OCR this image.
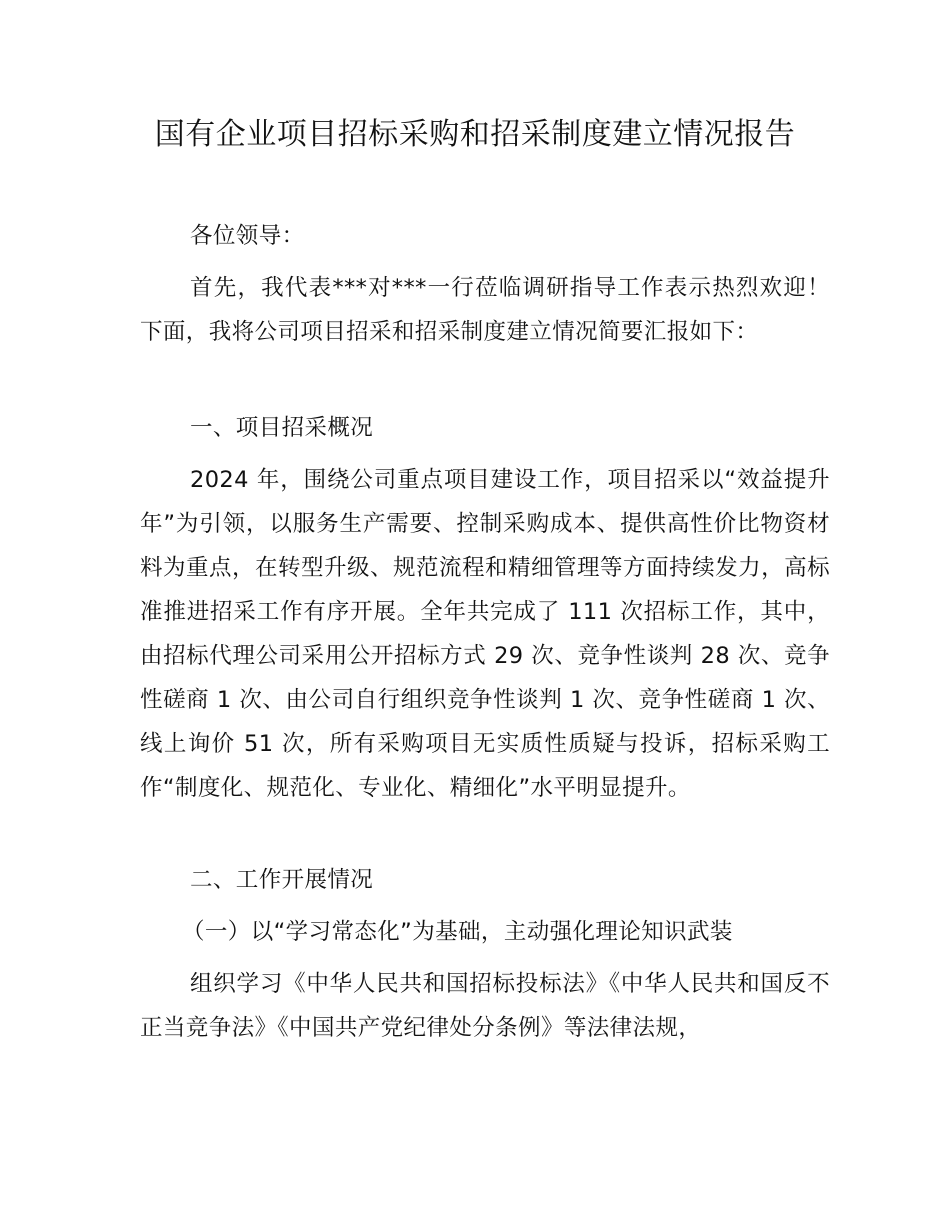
国有企业项目招标采购和招采制度建立情况报告
各位领导：

首先，我代表***对***一行莅临调研指导工作表示热烈欢迎！下面，我将公司项目招采和招采制度建立情况简要汇报如下：

一、项目招采概况

2024 年，围绕公司重点项目建设工作，项目招采以“效益提升年”为引领，以服务生产需要、控制采购成本、提供高性价比物资材料为重点，在转型升级、规范流程和精细管理等方面持续发力，高标准推进招采工作有序开展。全年共完成了 111 次招标工作，其中，由招标代理公司采用公开招标方式 29 次、竞争性谈判 28 次、竞争性磋商 1 次、由公司自行组织竞争性谈判 1 次、竞争性磋商 1 次、线上询价 51 次，所有采购项目无实质性质疑与投诉，招标采购工作“制度化、规范化、专业化、精细化”水平明显提升。

二、工作开展情况
（一）以“学习常态化”为基础，主动强化理论知识武装

组织学习《中华人民共和国招标投标法》《中华人民共和国反不正当竞争法》《中国共产党纪律处分条例》等法律法规，
